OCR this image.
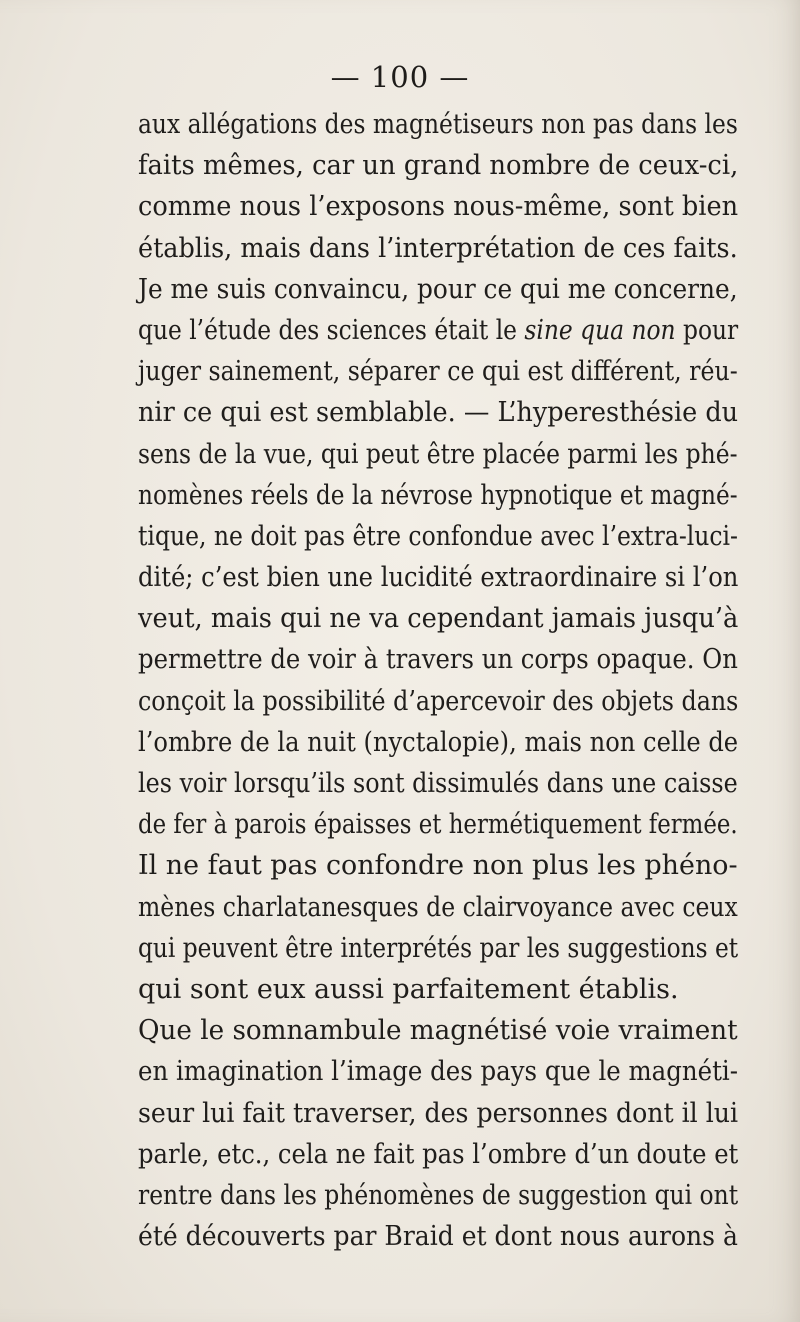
— 100 —
aux allégations des magnétiseurs non pas dans les
faits mêmes, car un grand nombre de ceux-ci,
comme nous l’exposons nous-même, sont bien
établis, mais dans l’interprétation de ces faits.
Je me suis convaincu, pour ce qui me concerne,
que l’étude des sciences était le sine qua non pour
juger sainement, séparer ce qui est différent, réu-
nir ce qui est semblable. — L’hyperesthésie du
sens de la vue, qui peut être placée parmi les phé-
nomènes réels de la névrose hypnotique et magné-
tique, ne doit pas être confondue avec l’extra-luci-
dité; c’est bien une lucidité extraordinaire si l’on
veut, mais qui ne va cependant jamais jusqu’à
permettre de voir à travers un corps opaque. On
conçoit la possibilité d’apercevoir des objets dans
l’ombre de la nuit (nyctalopie), mais non celle de
les voir lorsqu’ils sont dissimulés dans une caisse
de fer à parois épaisses et hermétiquement fermée.
Il ne faut pas confondre non plus les phéno-
mènes charlatanesques de clairvoyance avec ceux
qui peuvent être interprétés par les suggestions et
qui sont eux aussi parfaitement établis.
Que le somnambule magnétisé voie vraiment
en imagination l’image des pays que le magnéti-
seur lui fait traverser, des personnes dont il lui
parle, etc., cela ne fait pas l’ombre d’un doute et
rentre dans les phénomènes de suggestion qui ont
été découverts par Braid et dont nous aurons à
